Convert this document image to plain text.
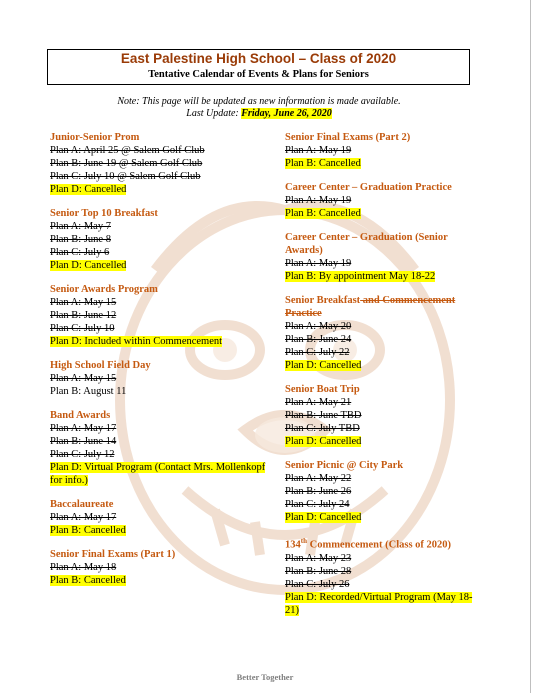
East Palestine High School – Class of 2020
Tentative Calendar of Events & Plans for Seniors
Note: This page will be updated as new information is made available.
Last Update: Friday, June 26, 2020
Junior-Senior Prom
Plan A: April 25 @ Salem Golf Club
Plan B: June 19 @ Salem Golf Club
Plan C: July 10 @ Salem Golf Club
Plan D: Cancelled
Senior Top 10 Breakfast
Plan A: May 7
Plan B: June 8
Plan C: July 6
Plan D: Cancelled
Senior Awards Program
Plan A: May 15
Plan B: June 12
Plan C: July 10
Plan D: Included within Commencement
High School Field Day
Plan A: May 15
Plan B: August 11
Band Awards
Plan A: May 17
Plan B: June 14
Plan C: July 12
Plan D: Virtual Program (Contact Mrs. Mollenkopf for info.)
Baccalaureate
Plan A: May 17
Plan B: Cancelled
Senior Final Exams (Part 1)
Plan A: May 18
Plan B: Cancelled
Senior Final Exams (Part 2)
Plan A: May 19
Plan B: Cancelled
Career Center – Graduation Practice
Plan A: May 19
Plan B: Cancelled
Career Center – Graduation (Senior Awards)
Plan A: May 19
Plan B: By appointment May 18-22
Senior Breakfast and Commencement Practice
Plan A: May 20
Plan B: June 24
Plan C: July 22
Plan D: Cancelled
Senior Boat Trip
Plan A: May 21
Plan B: June TBD
Plan C: July TBD
Plan D: Cancelled
Senior Picnic @ City Park
Plan A: May 22
Plan B: June 26
Plan C: July 24
Plan D: Cancelled
134th Commencement (Class of 2020)
Plan A: May 23
Plan B: June 28
Plan C: July 26
Plan D: Recorded/Virtual Program (May 18-21)
Better Together
